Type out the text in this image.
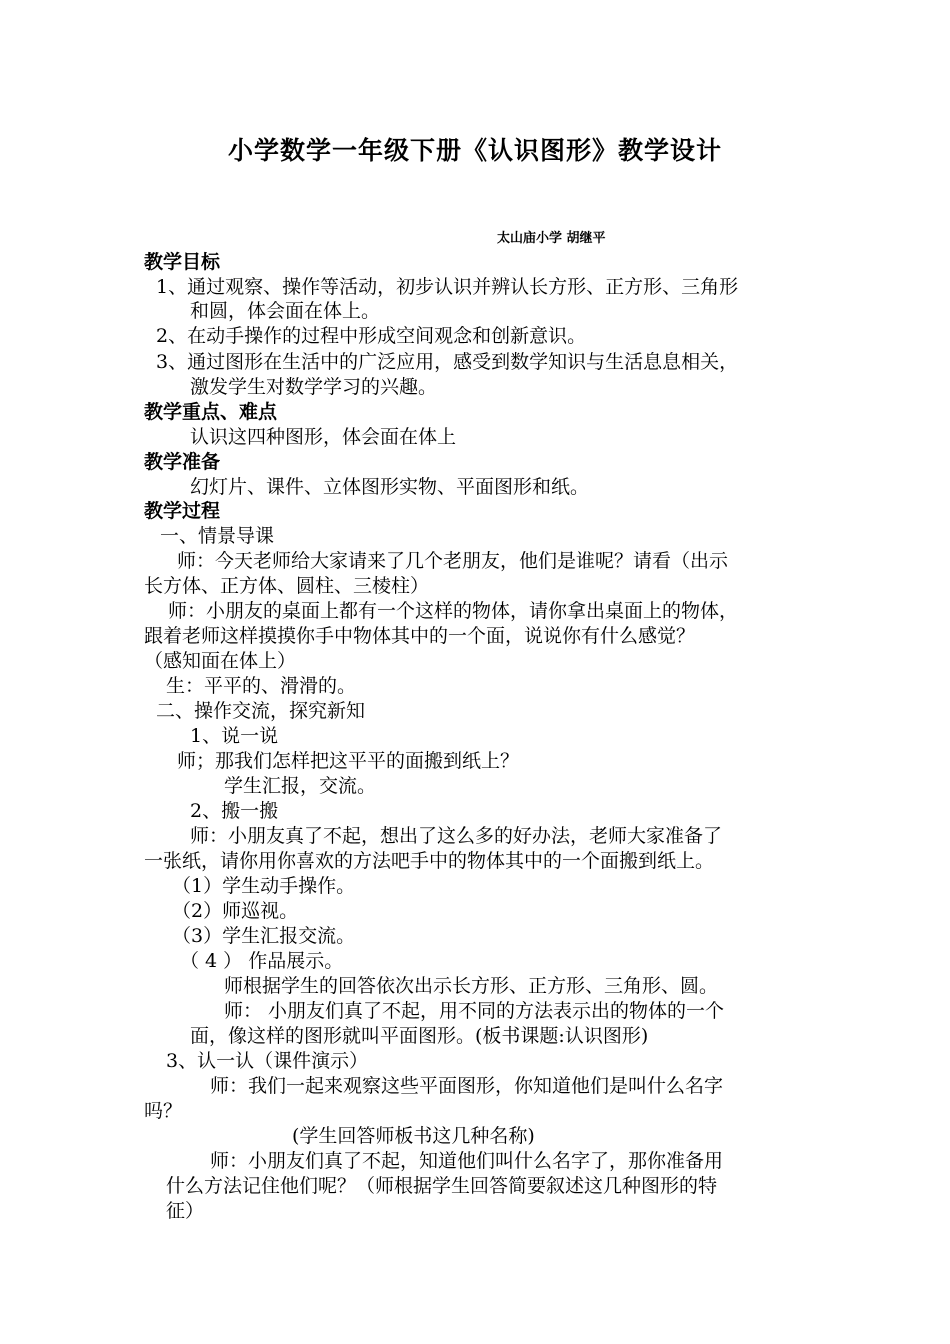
小学数学一年级下册《认识图形》教学设计
太山庙小学 胡继平
教学目标
1、通过观察、操作等活动，初步认识并辨认长方形、正方形、三角形
和圆，体会面在体上。
2、在动手操作的过程中形成空间观念和创新意识。
3、通过图形在生活中的广泛应用，感受到数学知识与生活息息相关，
激发学生对数学学习的兴趣。
教学重点、难点
认识这四种图形，体会面在体上
教学准备
幻灯片、课件、立体图形实物、平面图形和纸。
教学过程
一、情景导课
师：今天老师给大家请来了几个老朋友，他们是谁呢？请看（出示
长方体、正方体、圆柱、三棱柱）
师：小朋友的桌面上都有一个这样的物体，请你拿出桌面上的物体，
跟着老师这样摸摸你手中物体其中的一个面，说说你有什么感觉？
（感知面在体上）
生：平平的、滑滑的。
二、操作交流，探究新知
1、说一说
师；那我们怎样把这平平的面搬到纸上？
学生汇报，交流。
2、搬一搬
师：小朋友真了不起，想出了这么多的好办法，老师大家准备了
一张纸，请你用你喜欢的方法吧手中的物体其中的一个面搬到纸上。
（1）学生动手操作。
（2）师巡视。
（3）学生汇报交流。
（ 4 ） 作品展示。
师根据学生的回答依次出示长方形、正方形、三角形、圆。
师： 小朋友们真了不起，用不同的方法表示出的物体的一个
面，像这样的图形就叫平面图形。(板书课题:认识图形)
3、认一认（课件演示）
师：我们一起来观察这些平面图形，你知道他们是叫什么名字
吗？
(学生回答师板书这几种名称)
师：小朋友们真了不起，知道他们叫什么名字了，那你准备用
什么方法记住他们呢？（师根据学生回答简要叙述这几种图形的特
征）
